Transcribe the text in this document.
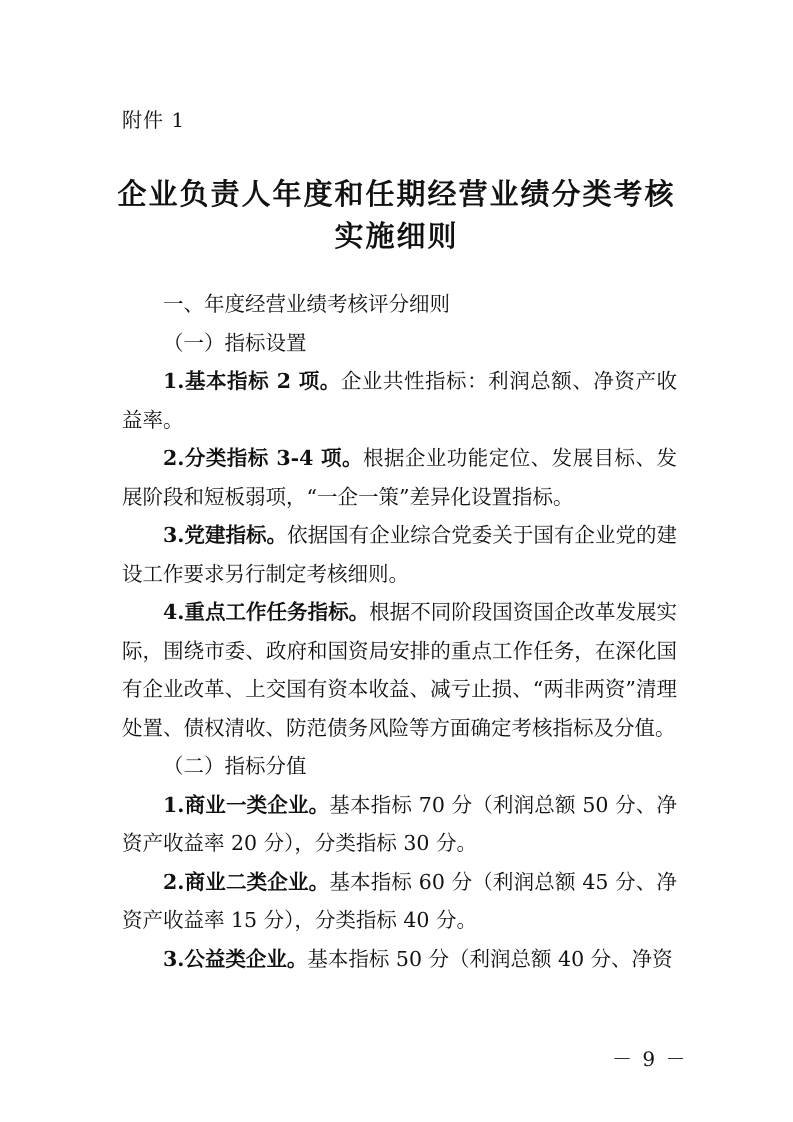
附件 1
企业负责人年度和任期经营业绩分类考核
实施细则

一、年度经营业绩考核评分细则

（一）指标设置

1.基本指标 2 项。企业共性指标：利润总额、净资产收益率。

2.分类指标 3-4 项。根据企业功能定位、发展目标、发展阶段和短板弱项，“一企一策”差异化设置指标。

3.党建指标。依据国有企业综合党委关于国有企业党的建设工作要求另行制定考核细则。

4.重点工作任务指标。根据不同阶段国资国企改革发展实际，围绕市委、政府和国资局安排的重点工作任务，在深化国有企业改革、上交国有资本收益、减亏止损、“两非两资”清理处置、债权清收、防范债务风险等方面确定考核指标及分值。

（二）指标分值

1.商业一类企业。基本指标 70 分（利润总额 50 分、净资产收益率 20 分），分类指标 30 分。

2.商业二类企业。基本指标 60 分（利润总额 45 分、净资产收益率 15 分），分类指标 40 分。

3.公益类企业。基本指标 50 分（利润总额 40 分、净资

－ 9 －
